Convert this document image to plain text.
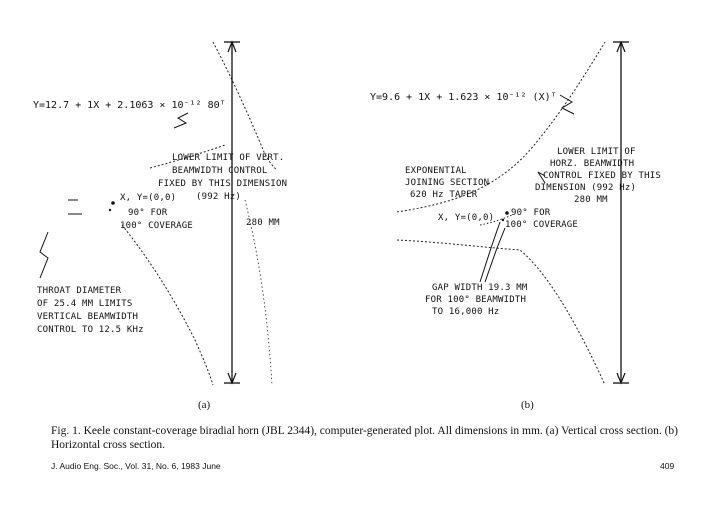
Y=12.7 + 1X + 2.1063 × 10⁻¹² 80ᵀ
LOWER LIMIT OF VERT. BEAMWIDTH CONTROL FIXED BY THIS DIMENSION (992 Hz)
280 MM
X, Y=(0,0)
90° FOR 100° COVERAGE
THROAT DIAMETER OF 25.4 MM LIMITS VERTICAL BEAMWIDTH CONTROL TO 12.5 KHz
(a)
Y=9.6 + 1X + 1.623 × 10⁻¹² (X)ᵀ
LOWER LIMIT OF HORZ. BEAMWIDTH CONTROL FIXED BY THIS DIMENSION (992 Hz)
280 MM
EXPONENTIAL JOINING SECTION 620 Hz TAPER
X, Y=(0,0)	90° FOR 100° COVERAGE
GAP WIDTH 19.3 MM FOR 100° BEAMWIDTH TO 16,000 Hz
(b)

Fig. 1. Keele constant-coverage biradial horn (JBL 2344), computer-generated plot. All dimensions in mm. (a) Vertical cross section. (b) Horizontal cross section.

J. Audio Eng. Soc., Vol. 31, No. 6, 1983 June	409
